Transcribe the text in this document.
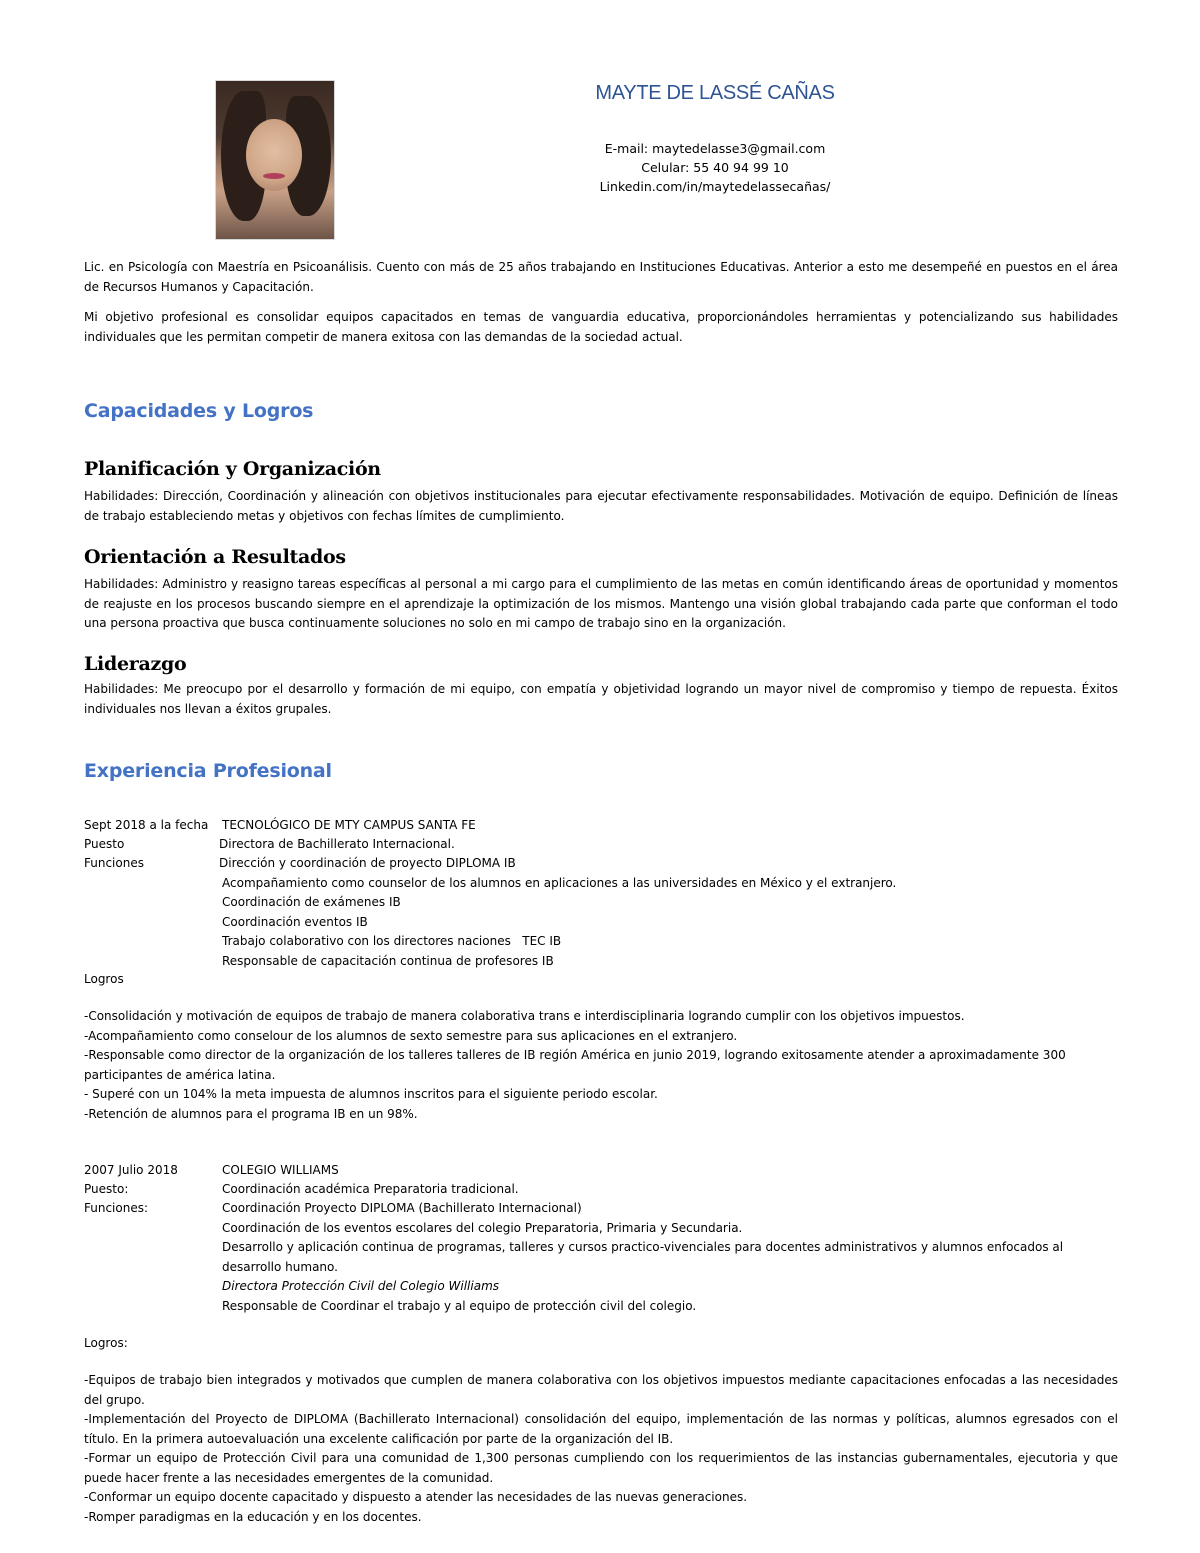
MAYTE DE LASSÉ CAÑAS
E-mail: maytedelasse3@gmail.com
Celular: 55 40 94 99 10
Linkedin.com/in/maytedelassecañas/
Lic. en Psicología con Maestría en Psicoanálisis. Cuento con más de 25 años trabajando en Instituciones Educativas. Anterior a esto me desempeñé en puestos en el área de Recursos Humanos y Capacitación.
Mi objetivo profesional es consolidar equipos capacitados en temas de vanguardia educativa, proporcionándoles herramientas y potencializando sus habilidades individuales que les permitan competir de manera exitosa con las demandas de la sociedad actual.
Capacidades y Logros
Planificación y Organización
Habilidades: Dirección, Coordinación y alineación con objetivos institucionales para ejecutar efectivamente responsabilidades. Motivación de equipo. Definición de líneas de trabajo estableciendo metas y objetivos con fechas límites de cumplimiento.
Orientación a Resultados
Habilidades: Administro y reasigno tareas específicas al personal a mi cargo para el cumplimiento de las metas en común identificando áreas de oportunidad y momentos de reajuste en los procesos buscando siempre en el aprendizaje la optimización de los mismos. Mantengo una visión global trabajando cada parte que conforman el todo una persona proactiva que busca continuamente soluciones no solo en mi campo de trabajo sino en la organización.
Liderazgo
Habilidades: Me preocupo por el desarrollo y formación de mi equipo, con empatía y objetividad logrando un mayor nivel de compromiso y tiempo de repuesta. Éxitos individuales nos llevan a éxitos grupales.
Experiencia Profesional
Sept 2018 a la fecha TECNOLÓGICO DE MTY CAMPUS SANTA FE
Puesto	Directora de Bachillerato Internacional.
Funciones	Dirección y coordinación de proyecto DIPLOMA IB
Acompañamiento como counselor de los alumnos en aplicaciones a las universidades en México y el extranjero.
Coordinación de exámenes IB
Coordinación eventos IB
Trabajo colaborativo con los directores naciones   TEC IB
Responsable de capacitación continua de profesores IB
Logros
-Consolidación y motivación de equipos de trabajo de manera colaborativa trans e interdisciplinaria logrando cumplir con los objetivos impuestos.
-Acompañamiento como conselour de los alumnos de sexto semestre para sus aplicaciones en el extranjero.
-Responsable como director de la organización de los talleres talleres de IB región América en junio 2019, logrando exitosamente atender a aproximadamente 300 participantes de américa latina.
- Superé con un 104% la meta impuesta de alumnos inscritos para el siguiente periodo escolar.
-Retención de alumnos para el programa IB en un 98%.
2007 Julio 2018	COLEGIO WILLIAMS
Puesto:	Coordinación académica Preparatoria tradicional.
Funciones:	Coordinación Proyecto DIPLOMA (Bachillerato Internacional)
Coordinación de los eventos escolares del colegio Preparatoria, Primaria y Secundaria.
Desarrollo y aplicación continua de programas, talleres y cursos practico-vivenciales para docentes administrativos y alumnos enfocados al desarrollo humano.
Directora Protección Civil del Colegio Williams
Responsable de Coordinar el trabajo y al equipo de protección civil del colegio.
Logros:
-Equipos de trabajo bien integrados y motivados que cumplen de manera colaborativa con los objetivos impuestos mediante capacitaciones enfocadas a las necesidades del grupo.
-Implementación del Proyecto de DIPLOMA (Bachillerato Internacional) consolidación del equipo, implementación de las normas y políticas, alumnos egresados con el título. En la primera autoevaluación una excelente calificación por parte de la organización del IB.
-Formar un equipo de Protección Civil para una comunidad de 1,300 personas cumpliendo con los requerimientos de las instancias gubernamentales, ejecutoria y que puede hacer frente a las necesidades emergentes de la comunidad.
-Conformar un equipo docente capacitado y dispuesto a atender las necesidades de las nuevas generaciones.
-Romper paradigmas en la educación y en los docentes.
